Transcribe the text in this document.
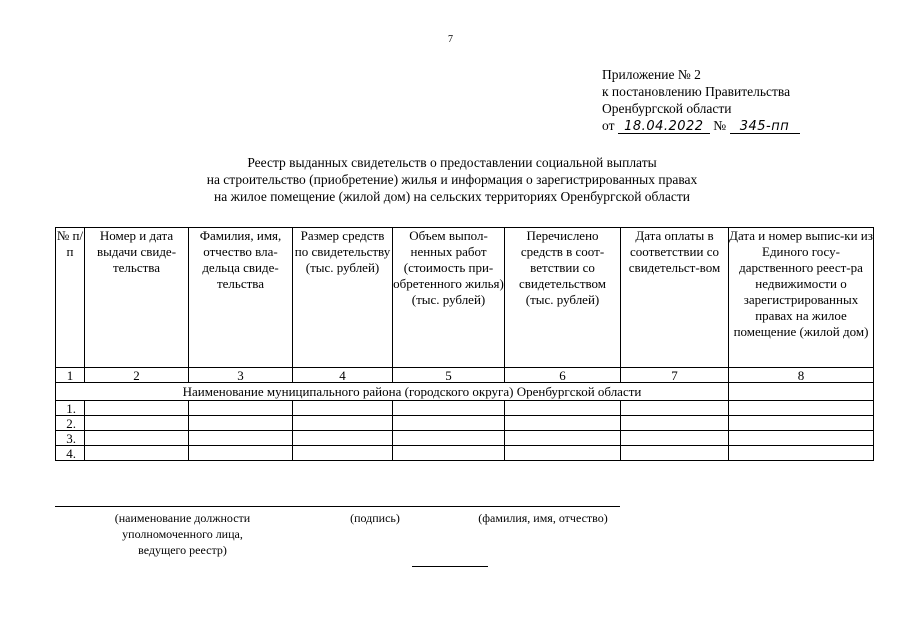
7
Приложение № 2
к постановлению Правительства
Оренбургской области
от 18.04.2022 № 345-пп
Реестр выданных свидетельств о предоставлении социальной выплаты
на строительство (приобретение) жилья и информация о зарегистрированных правах
на жилое помещение (жилой дом) на сельских территориях Оренбургской области
№ п/п	Номер и дата выдачи свиде-тельства	Фамилия, имя, отчество вла-дельца свиде-тельства	Размер средств по свидетельству (тыс. рублей)	Объем выпол-ненных работ (стоимость при-обретенного жилья) (тыс. рублей)	Перечислено средств в соот-ветствии со свидетельством (тыс. рублей)	Дата оплаты в соответствии со свидетельст-вом	Дата и номер выпис-ки из Единого госу-дарственного реест-ра недвижимости о зарегистрированных правах на жилое помещение (жилой дом)
1	2	3	4	5	6	7	8
Наименование муниципального района (городского округа) Оренбургской области							
1.							
2.							
3.							
4.							
(наименование должности уполномоченного лица, ведущего реестр)
(подпись)	(фамилия, имя, отчество)
